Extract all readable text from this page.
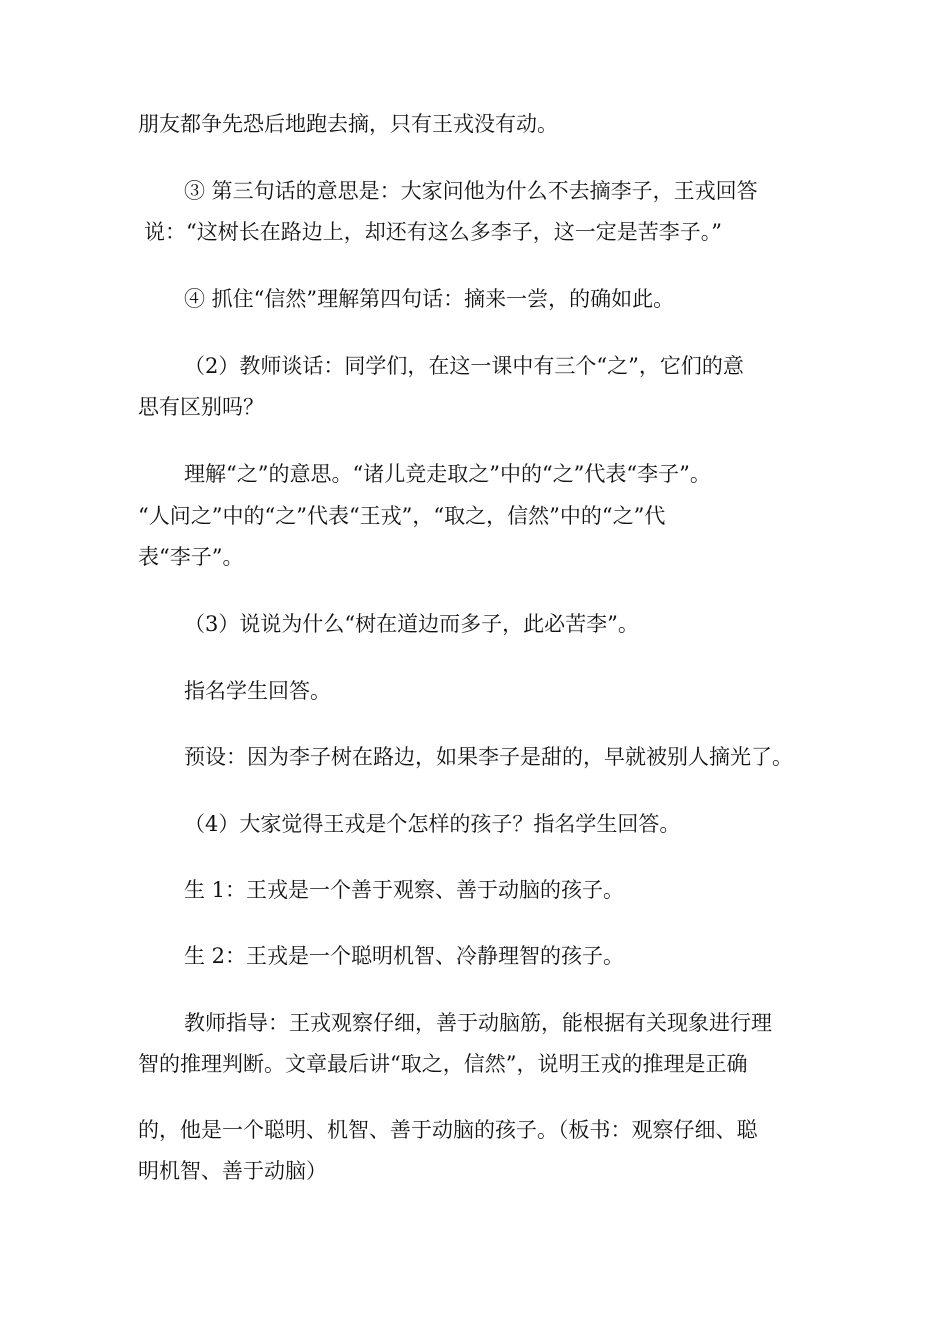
朋友都争先恐后地跑去摘，只有王戎没有动。

③ 第三句话的意思是：大家问他为什么不去摘李子，王戎回答

说：“这树长在路边上，却还有这么多李子，这一定是苦李子。”

④ 抓住“信然”理解第四句话：摘来一尝，的确如此。

（2）教师谈话：同学们，在这一课中有三个“之”，它们的意

思有区别吗？

理解“之”的意思。“诸儿竞走取之”中的“之”代表“李子”。

“人问之”中的“之”代表“王戎”，“取之，信然”中的“之”代

表“李子”。

（3）说说为什么“树在道边而多子，此必苦李”。

指名学生回答。

预设：因为李子树在路边，如果李子是甜的，早就被别人摘光了。

（4）大家觉得王戎是个怎样的孩子？指名学生回答。

生 1：王戎是一个善于观察、善于动脑的孩子。

生 2：王戎是一个聪明机智、冷静理智的孩子。

教师指导：王戎观察仔细，善于动脑筋，能根据有关现象进行理

智的推理判断。文章最后讲“取之，信然”，说明王戎的推理是正确

的，他是一个聪明、机智、善于动脑的孩子。（板书：观察仔细、聪

明机智、善于动脑）
